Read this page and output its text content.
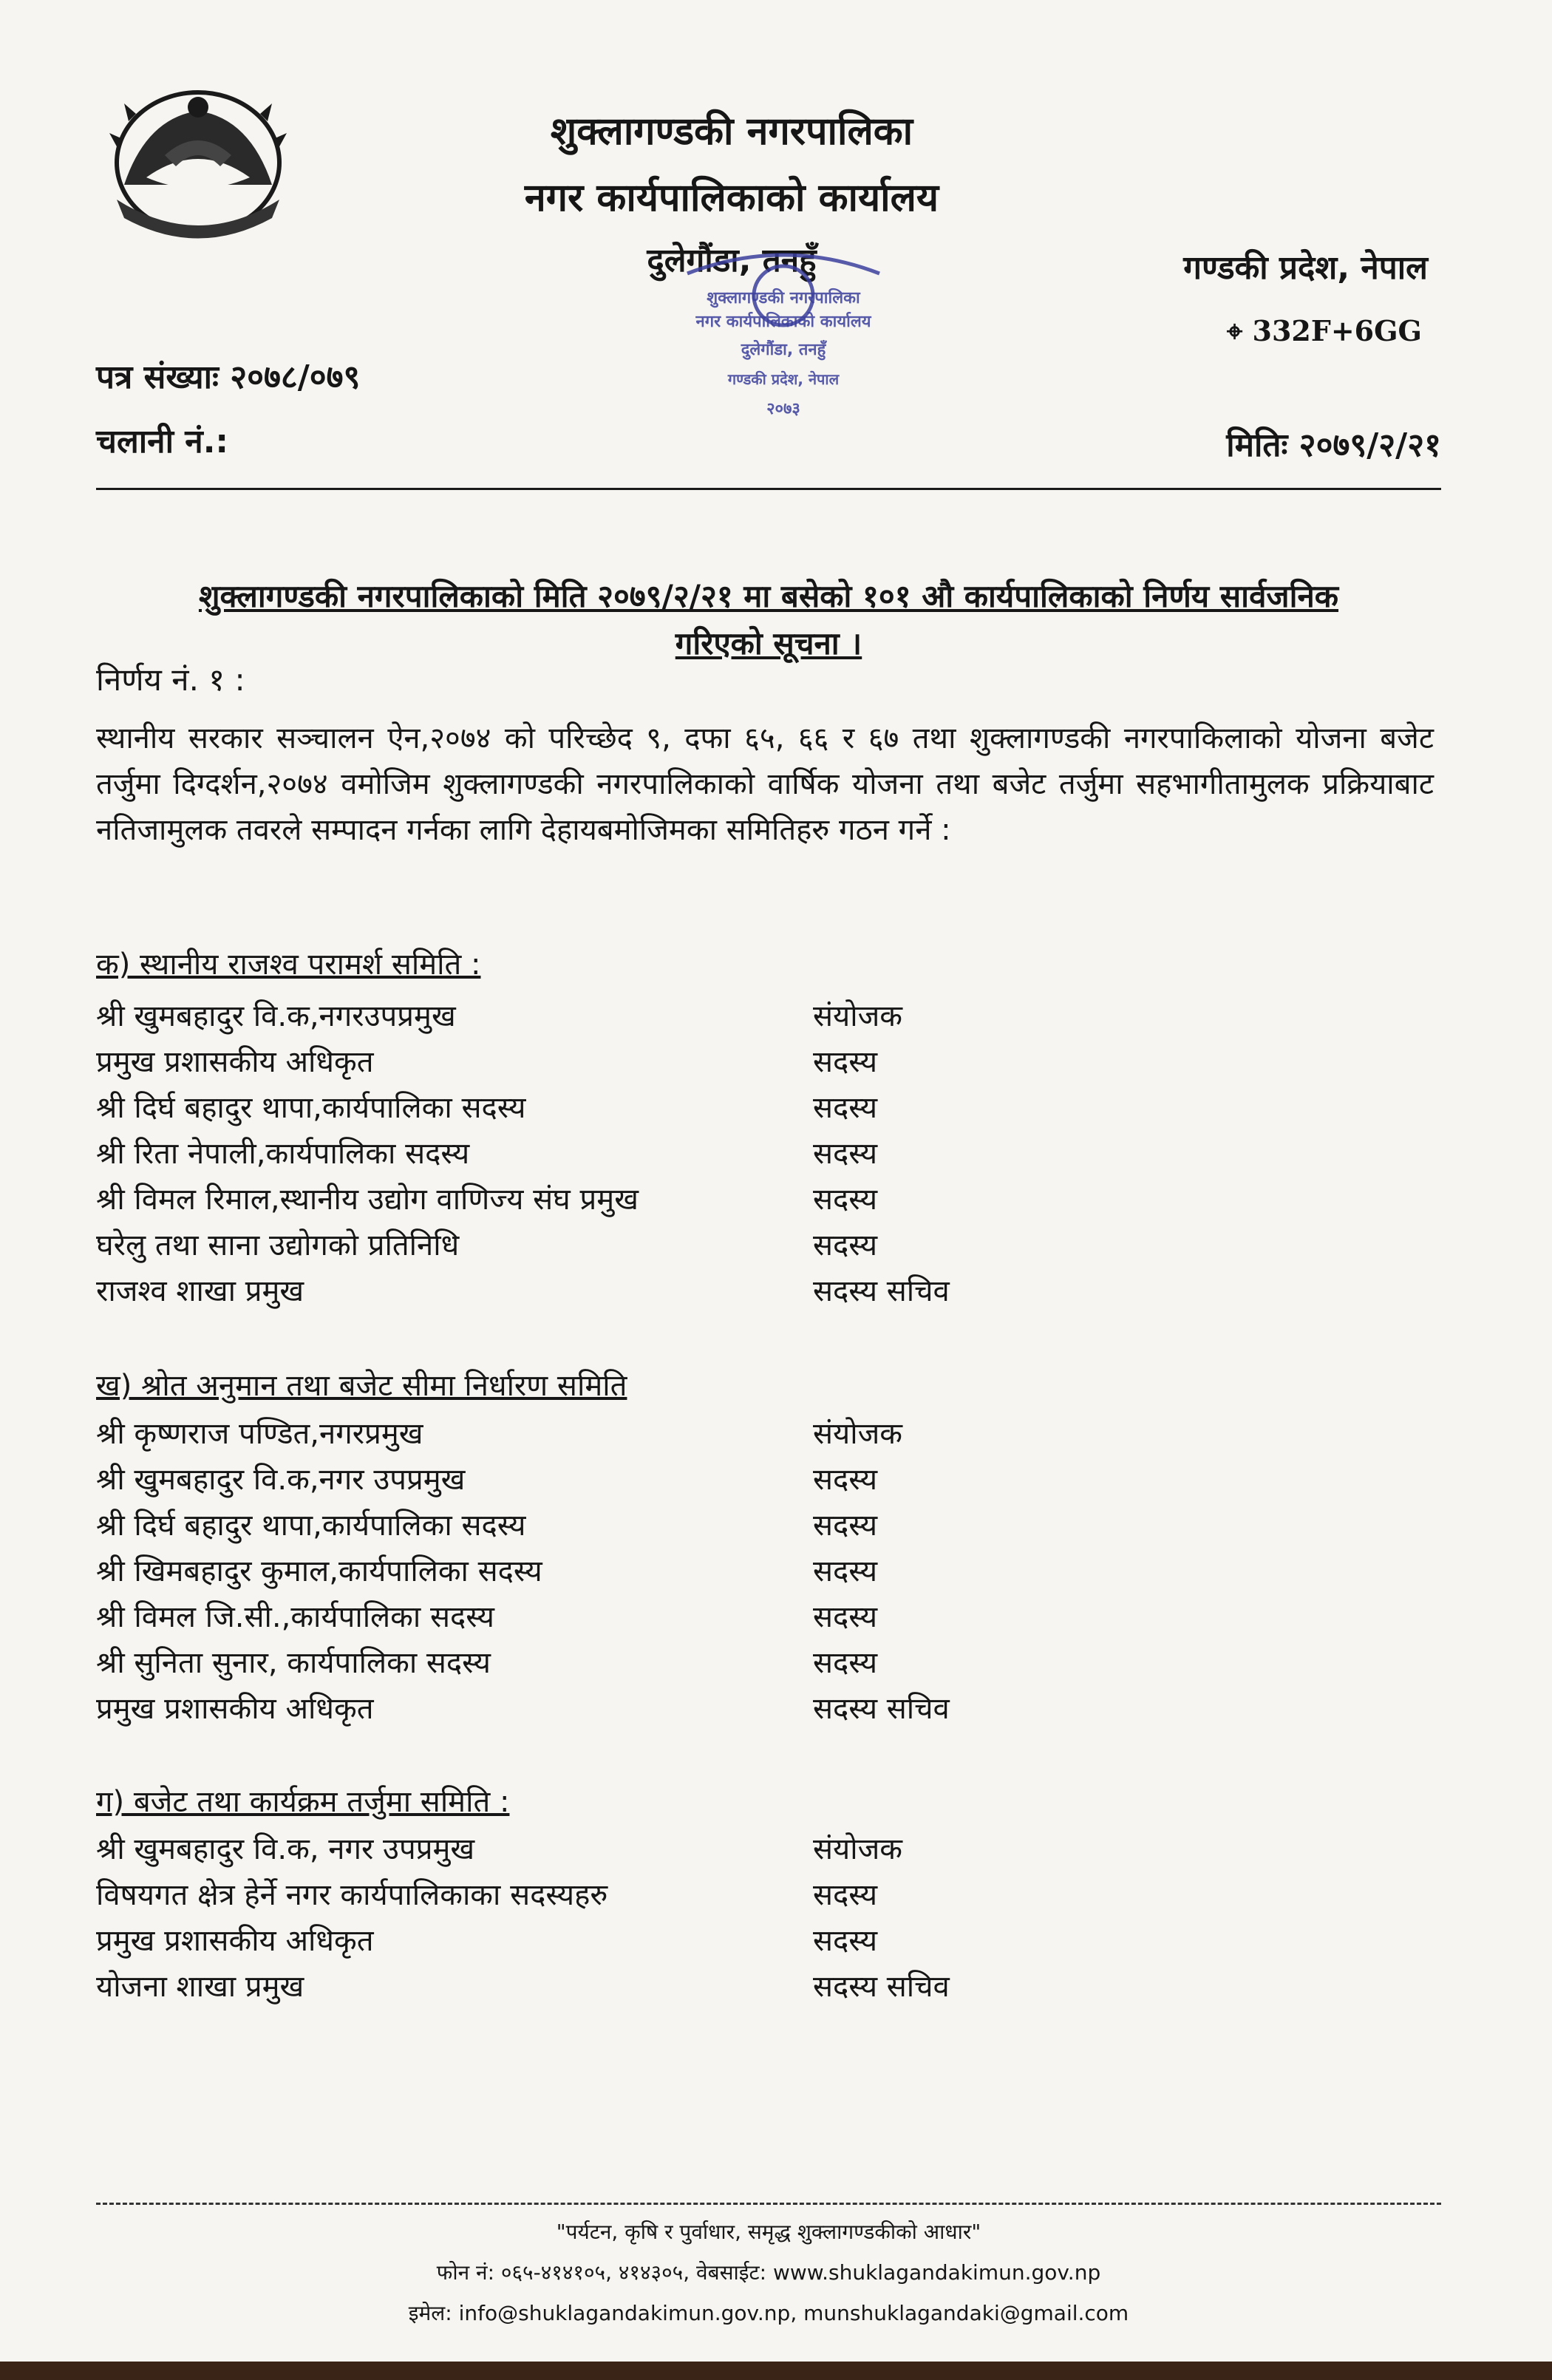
शुक्लागण्डकी नगरपालिका
नगर कार्यपालिकाको कार्यालय
दुलेगौंडा, तनहुँ	गण्डकी प्रदेश, नेपाल
⌖ 332F+6GG
पत्र संख्याः २०७८/०७९
चलानी नं.:	मितिः २०७९/२/२१
शुक्लागण्डकी नगरपालिका
नगर कार्यपालिकाको कार्यालय
दुलेगौंडा, तनहुँ
गण्डकी प्रदेश, नेपाल
२०७३
शुक्लागण्डकी नगरपालिकाको मिति २०७९/२/२१ मा बसेको १०१ औ कार्यपालिकाको निर्णय सार्वजनिक
गरिएको सूचना ।
निर्णय नं. १ :
स्थानीय सरकार सञ्चालन ऐन,२०७४ को परिच्छेद ९, दफा ६५, ६६ र ६७ तथा शुक्लागण्डकी नगरपाकिलाको योजना बजेट तर्जुमा दिग्दर्शन,२०७४ वमोजिम शुक्लागण्डकी नगरपालिकाको वार्षिक योजना तथा बजेट तर्जुमा सहभागीतामुलक प्रक्रियाबाट नतिजामुलक तवरले सम्पादन गर्नका लागि देहायबमोजिमका समितिहरु गठन गर्ने :
क) स्थानीय राजश्व परामर्श समिति :
श्री खुमबहादुर वि.क,नगरउपप्रमुख	संयोजक
प्रमुख प्रशासकीय अधिकृत	सदस्य
श्री दिर्घ बहादुर थापा,कार्यपालिका सदस्य	सदस्य
श्री रिता नेपाली,कार्यपालिका सदस्य	सदस्य
श्री विमल रिमाल,स्थानीय उद्योग वाणिज्य संघ प्रमुख	सदस्य
घरेलु तथा साना उद्योगको प्रतिनिधि	सदस्य
राजश्व शाखा प्रमुख	सदस्य सचिव
ख) श्रोत अनुमान तथा बजेट सीमा निर्धारण समिति
श्री कृष्णराज पण्डित,नगरप्रमुख	संयोजक
श्री खुमबहादुर वि.क,नगर उपप्रमुख	सदस्य
श्री दिर्घ बहादुर थापा,कार्यपालिका सदस्य	सदस्य
श्री खिमबहादुर कुमाल,कार्यपालिका सदस्य	सदस्य
श्री विमल जि.सी.,कार्यपालिका सदस्य	सदस्य
श्री सुनिता सुनार, कार्यपालिका सदस्य	सदस्य
प्रमुख प्रशासकीय अधिकृत	सदस्य सचिव
ग) बजेट तथा कार्यक्रम तर्जुमा समिति :
श्री खुमबहादुर वि.क, नगर उपप्रमुख	संयोजक
विषयगत क्षेत्र हेर्ने नगर कार्यपालिकाका सदस्यहरु	सदस्य
प्रमुख प्रशासकीय अधिकृत	सदस्य
योजना शाखा प्रमुख	सदस्य सचिव
"पर्यटन, कृषि र पुर्वाधार, समृद्ध शुक्लागण्डकीको आधार"
फोन नं: ०६५-४१४१०५, ४१४३०५, वेबसाईट: www.shuklagandakimun.gov.np
इमेल: info@shuklagandakimun.gov.np, munshuklagandaki@gmail.com
